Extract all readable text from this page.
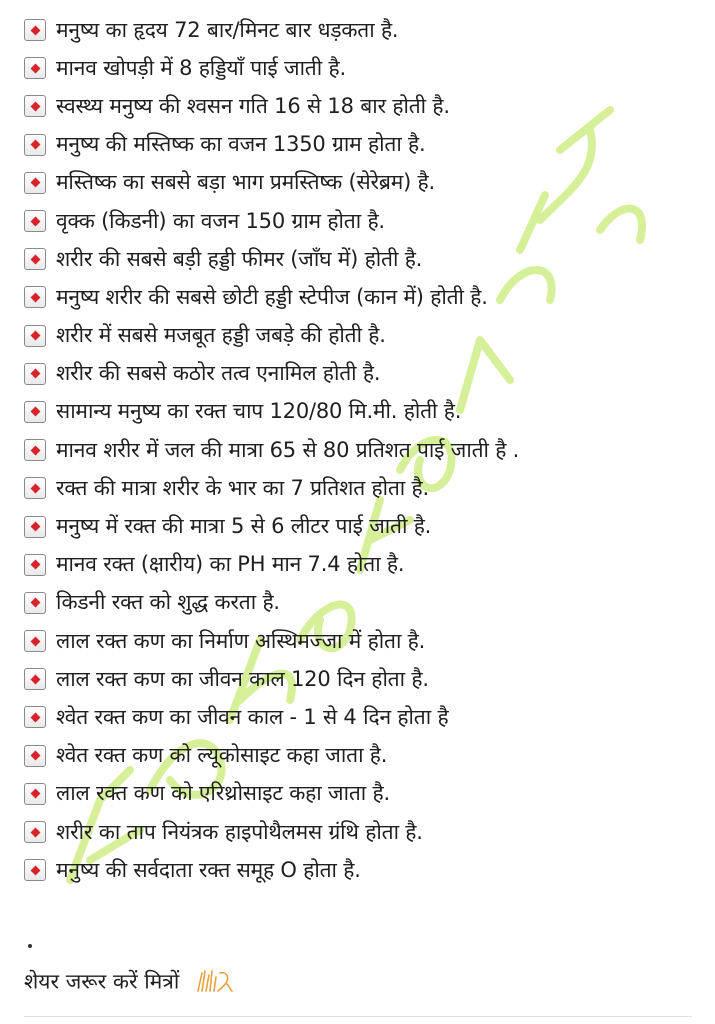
मनुष्य का हृदय 72 बार/मिनट बार धड़कता है.
मानव खोपड़ी में 8 हड्डियाँ पाई जाती है.
स्वस्थ्य मनुष्य की श्वसन गति 16 से 18 बार होती है.
मनुष्य की मस्तिष्क का वजन 1350 ग्राम होता है.
मस्तिष्क का सबसे बड़ा भाग प्रमस्तिष्क (सेरेब्रम) है.
वृक्क (किडनी) का वजन 150 ग्राम होता है.
शरीर की सबसे बड़ी हड्डी फीमर (जाँघ में) होती है.
मनुष्य शरीर की सबसे छोटी हड्डी स्टेपीज (कान में) होती है.
शरीर में सबसे मजबूत हड्डी जबड़े की होती है.
शरीर की सबसे कठोर तत्व एनामिल होती है.
सामान्य मनुष्य का रक्त चाप 120/80 मि.मी. होती है.
मानव शरीर में जल की मात्रा 65 से 80 प्रतिशत पाई जाती है .
रक्त की मात्रा शरीर के भार का 7 प्रतिशत होता है.
मनुष्य में रक्त की मात्रा 5 से 6 लीटर पाई जाती है.
मानव रक्त (क्षारीय) का PH मान 7.4 होता है.
किडनी रक्त को शुद्ध करता है.
लाल रक्त कण का निर्माण अस्थिमज्जा में होता है.
लाल रक्त कण का जीवन काल 120 दिन होता है.
श्वेत रक्त कण का जीवन काल - 1 से 4 दिन होता है
श्वेत रक्त कण को ल्यूकोसाइट कहा जाता है.
लाल रक्त कण को एरिथ्रोसाइट कहा जाता है.
शरीर का ताप नियंत्रक हाइपोथैलमस ग्रंथि होता है.
मनुष्य की सर्वदाता रक्त समूह O होता है.
शेयर जरूर करें मित्रों
